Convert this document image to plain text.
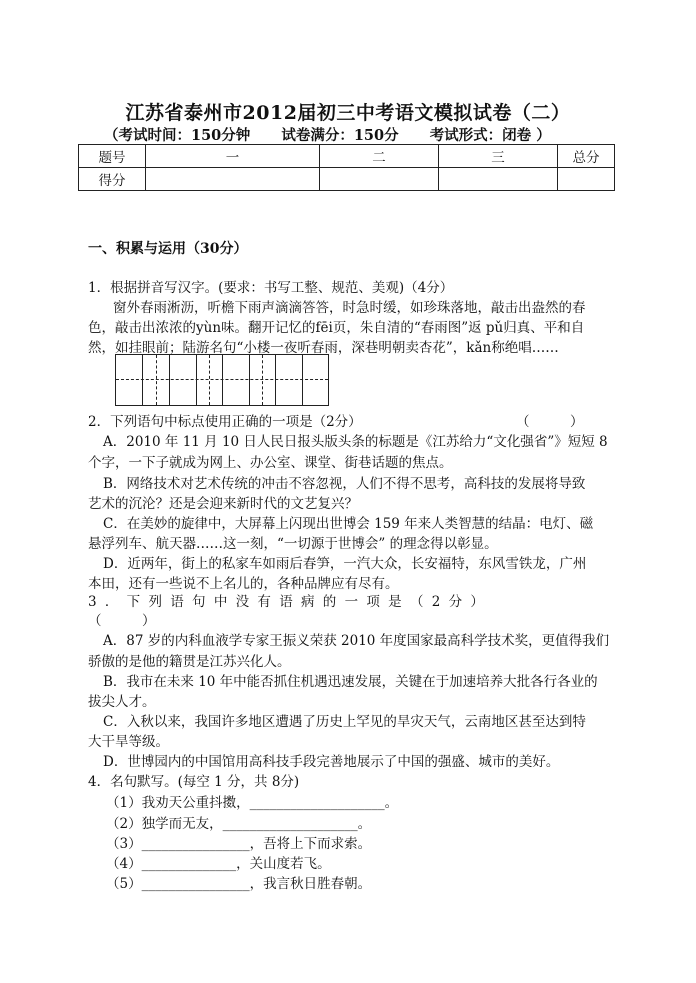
江苏省泰州市2012届初三中考语文模拟试卷（二）
（考试时间：150分钟 试卷满分：150分 考试形式：闭卷 ）
题号	一	二	三	总分
得分				
一、积累与运用（30分）
1．根据拼音写汉字。(要求：书写工整、规范、美观)（4分）
窗外春雨淅沥，听檐下雨声滴滴答答，时急时缓，如珍珠落地，敲击出盎然的春
色，敲击出浓浓的yùn味。翻开记忆的fēi页，朱自清的“春雨图”返 pǔ归真、平和自
然，如挂眼前；陆游名句“小楼一夜听春雨，深巷明朝卖杏花”，kǎn称绝唱……
2．下列语句中标点使用正确的一项是（2分）	（　　　）
A．2010 年 11 月 10 日人民日报头版头条的标题是《江苏给力“文化强省”》短短 8
个字，一下子就成为网上、办公室、课堂、街巷话题的焦点。
B．网络技术对艺术传统的冲击不容忽视，人们不得不思考，高科技的发展将导致
艺术的沉沦？还是会迎来新时代的文艺复兴？
C．在美妙的旋律中，大屏幕上闪现出世博会 159 年来人类智慧的结晶：电灯、磁
悬浮列车、航天器……这一刻，“一切源于世博会” 的理念得以彰显。
D．近两年，街上的私家车如雨后春笋，一汽大众，长安福特，东风雪铁龙，广州
本田，还有一些说不上名儿的，各种品牌应有尽有。
3 ． 下 列 语 句 中 没 有 语 病 的 一 项 是 （ 2 分 ）
（　　　）
A．87 岁的内科血液学专家王振义荣获 2010 年度国家最高科学技术奖，更值得我们
骄傲的是他的籍贯是江苏兴化人。
B．我市在未来 10 年中能否抓住机遇迅速发展，关键在于加速培养大批各行各业的
拔尖人才。
C．入秋以来，我国许多地区遭遇了历史上罕见的旱灾天气，云南地区甚至达到特
大干旱等级。
D．世博园内的中国馆用高科技手段完善地展示了中国的强盛、城市的美好。
4．名句默写。(每空 1 分，共 8分)
（1）我劝天公重抖擞，____________________。
（2）独学而无友，____________________。
（3）________________，吾将上下而求索。
（4）______________，关山度若飞。
（5）________________，我言秋日胜春朝。
